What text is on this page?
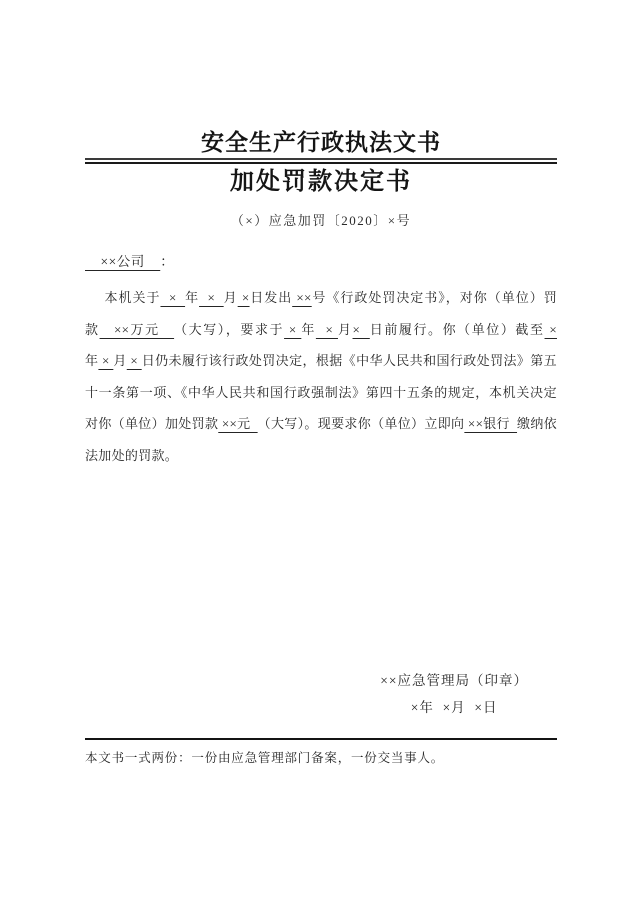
安全生产行政执法文书
加处罚款决定书
（×）应急加罚〔2020〕×号
××公司    ：

本机关于  ×  年  ×  月 ×日发出 ××号《行政处罚决定书》，对你（单位）罚款   ××万元   （大写），要求于 × 年  × 月×  日前履行。你（单位）截至 ×年 × 月 × 日仍未履行该行政处罚决定，根据《中华人民共和国行政处罚法》第五十一条第一项、《中华人民共和国行政强制法》第四十五条的规定，本机关决定对你（单位）加处罚款 ××元  （大写）。现要求你（单位）立即向 ××银行  缴纳依法加处的罚款。

××应急管理局（印章）
×年  ×月  ×日
本文书一式两份：一份由应急管理部门备案，一份交当事人。
